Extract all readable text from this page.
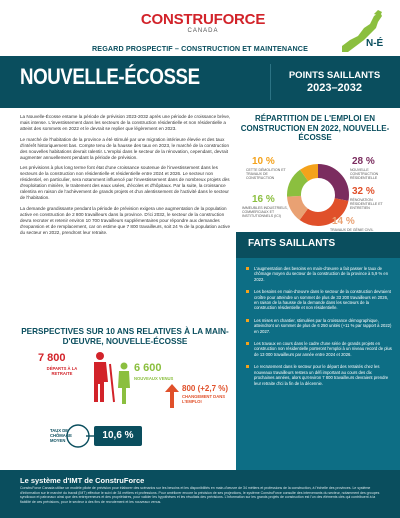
CONSTRUFORCE
CANADA
N-É
REGARD PROSPECTIF – CONSTRUCTION ET MAINTENANCE
NOUVELLE-ÉCOSSE	POINTS SAILLANTS
2023–2032

La Nouvelle-Écosse entame la période de prévision 2023-2032 après une période de croissance brève, mais intense. L'investissement dans les secteurs de la construction résidentielle et non résidentielle a atteint des sommets en 2022 et le devrait se replier que légèrement en 2023.

Le marché de l'habitation de la province a été stimulé par une migration intérieure élevée et des taux d'intérêt historiquement bas. Compte tenu de la hausse des taux en 2023, le marché de la construction des nouvelles habitations devrait ralentir. L'emploi dans le secteur de la rénovation, cependant, devrait augmenter annuellement pendant la période de prévision.

Les prévisions à plus long terme font état d'une croissance soutenue de l'investissement dans les secteurs de la construction non résidentielle et résidentielle entre 2024 et 2026. Le secteur non résidentiel, en particulier, sera notamment influencé par l'investissement dans de nombreux projets dès d'exploitation minière, le traitement des eaux usées, d'écoles et d'hôpitaux. Par la suite, la croissance ralentira en raison de l'achèvement de grands projets et d'un alentissement de l'activité dans le secteur de l'habitation.

La demande grandissante pendant la période de prévision exigera une augmentation de la population active en construction de 2 800 travailleurs dans la province. D'ici 2032, le secteur de la construction devra recruter et retenir environ 10 700 travailleurs supplémentaires pour répondre aux demandes d'expansion et de remplacement, car on estime que 7 800 travailleurs, soit 24 % de la population active du secteur en 2022, prendront leur retraite.

RÉPARTITION DE L'EMPLOI EN CONSTRUCTION EN 2022, NOUVELLE-ÉCOSSE
10 %
CETTE DÉMOLITION ET TRAVAUX DE CONSTRUCTION
28 %
NOUVELLE CONSTRUCTION RÉSIDENTIELLE
32 %
RÉNOVATION RÉSIDENTIELLE ET ENTRETIEN
14 %
TRAVAUX DE GÉNIE CIVIL
16 %
IMMEUBLES INDUSTRIELS, COMMERCIAUX ET INSTITUTIONNELS (ICI)
FAITS SAILLANTS
L'augmentation des besoins en main-d'œuvre a fait passer le taux de chômage moyen du secteur de la construction de la province à 5,9 % en 2022.
Les besoins en main-d'œuvre dans le secteur de la construction devraient croître pour atteindre un sommet de plus de 33 200 travailleurs en 2026, en raison de la hausse de la demande dans les secteurs de la construction résidentielle et non résidentielle.
Les mises en chantier, stimulées par la croissance démographique, atteindront un sommet de plus de 6 250 unités (+11 % par rapport à 2022) en 2027.
Les travaux en cours dans le cadre d'une série de grands projets en construction non résidentielle porteront l'emploi à un niveau record de plus de 13 000 travailleurs par année entre 2024 et 2026.
Le recrutement dans le secteur pour le départ des retraités chez les nouveaux travailleurs restera un défi important au cours des dix prochaines années, alors qu'environ 7 800 travailleurs devraient prendre leur retraite d'ici la fin de la décennie.
PERSPECTIVES SUR 10 ANS RELATIVES À LA MAIN-D'ŒUVRE, NOUVELLE-ÉCOSSE
7 800
DÉPARTS À LA RETRAITE	6 600
NOUVEAUX VENUS
800 (+2,7 %)
CHANGEMENT DANS L'EMPLOI
TAUX DE CHÔMAGE MOYEN	10,6 %
Le système d'IMT de ConstruForce
ConstruForce Canada utilise un modèle pilote de prévision pour élaborer des scénarios sur les besoins et les disponibilités en main-d'œuvre de 34 métiers et professions de la construction, à l'échelle des provinces. Le système d'information sur le marché du travail (IMT) effectue le suivi de 34 métiers et professions. Pour améliorer encore la précision de ses projections, le système ConstruForce consulte des intervenants du secteur, notamment des groupes syndicaux et patronaux ainsi que des entrepreneurs et des propriétaires, pour valider les hypothèses et les résultats des prévisions. L'information sur les grands projets de construction est l'un des éléments clés qui contribuent à la fiabilité de ces prévisions, pour le secteur à des fins de recrutement et les nouveaux venus.
